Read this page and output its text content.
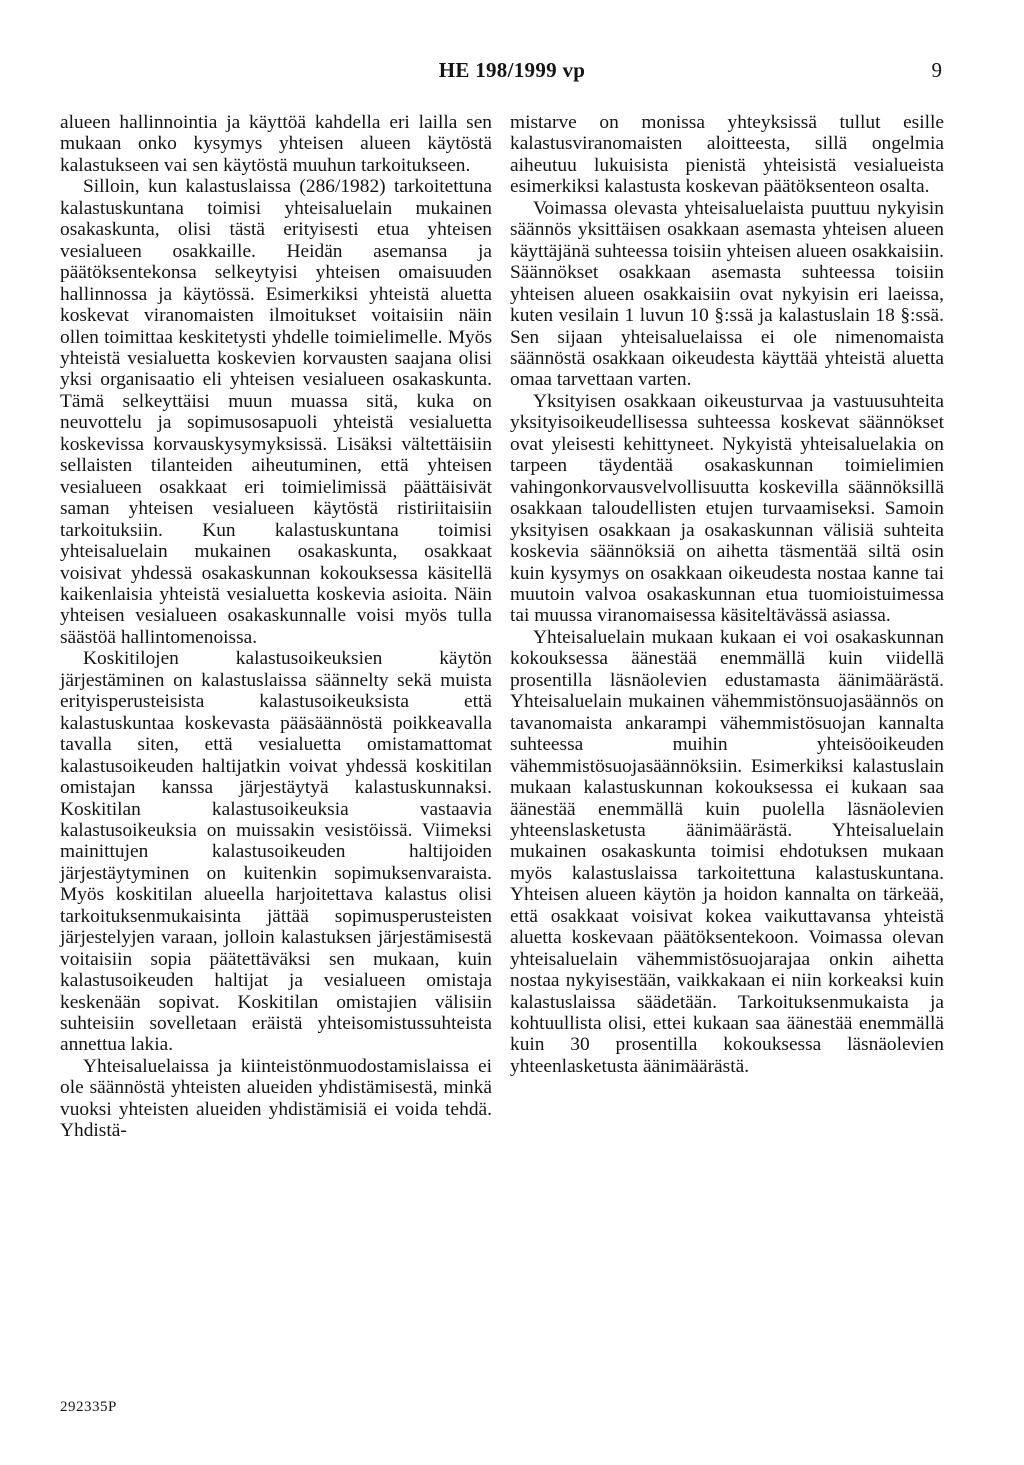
HE 198/1999 vp	9

alueen hallinnointia ja käyttöä kahdella eri lailla sen mukaan onko kysymys yhteisen alueen käytöstä kalastukseen vai sen käytöstä muuhun tarkoitukseen.

Silloin, kun kalastuslaissa (286/1982) tarkoitettuna kalastuskuntana toimisi yhteisaluelain mukainen osakaskunta, olisi tästä erityisesti etua yhteisen vesialueen osakkaille. Heidän asemansa ja päätöksentekonsa selkeytyisi yhteisen omaisuuden hallinnossa ja käytössä. Esimerkiksi yhteistä aluetta koskevat viranomaisten ilmoitukset voitaisiin näin ollen toimittaa keskitetysti yhdelle toimielimelle. Myös yhteistä vesialuetta koskevien korvausten saajana olisi yksi organisaatio eli yhteisen vesialueen osakaskunta. Tämä selkeyttäisi muun muassa sitä, kuka on neuvottelu ja sopimusosapuoli yhteistä vesialuetta koskevissa korvauskysymyksissä. Lisäksi vältettäisiin sellaisten tilanteiden aiheutuminen, että yhteisen vesialueen osakkaat eri toimielimissä päättäisivät saman yhteisen vesialueen käytöstä ristiriitaisiin tarkoituksiin. Kun kalastuskuntana toimisi yhteisaluelain mukainen osakaskunta, osakkaat voisivat yhdessä osakaskunnan kokouksessa käsitellä kaikenlaisia yhteistä vesialuetta koskevia asioita. Näin yhteisen vesialueen osakaskunnalle voisi myös tulla säästöä hallintomenoissa.

Koskitilojen kalastusoikeuksien käytön järjestäminen on kalastuslaissa säännelty sekä muista erityisperusteisista kalastusoikeuksista että kalastuskuntaa koskevasta pääsäännöstä poikkeavalla tavalla siten, että vesialuetta omistamattomat kalastusoikeuden haltijatkin voivat yhdessä koskitilan omistajan kanssa järjestäytyä kalastuskunnaksi. Koskitilan kalastusoikeuksia vastaavia kalastusoikeuksia on muissakin vesistöissä. Viimeksi mainittujen kalastusoikeuden haltijoiden järjestäytyminen on kuitenkin sopimuksenvaraista. Myös koskitilan alueella harjoitettava kalastus olisi tarkoituksenmukaisinta jättää sopimusperusteisten järjestelyjen varaan, jolloin kalastuksen järjestämisestä voitaisiin sopia päätettäväksi sen mukaan, kuin kalastusoikeuden haltijat ja vesialueen omistaja keskenään sopivat. Koskitilan omistajien välisiin suhteisiin sovelletaan eräistä yhteisomistussuhteista annettua lakia.

Yhteisaluelaissa ja kiinteistönmuodostamislaissa ei ole säännöstä yhteisten alueiden yhdistämisestä, minkä vuoksi yhteisten alueiden yhdistämisiä ei voida tehdä. Yhdistä-

mistarve on monissa yhteyksissä tullut esille kalastusviranomaisten aloitteesta, sillä ongelmia aiheutuu lukuisista pienistä yhteisistä vesialueista esimerkiksi kalastusta koskevan päätöksenteon osalta.

Voimassa olevasta yhteisaluelaista puuttuu nykyisin säännös yksittäisen osakkaan asemasta yhteisen alueen käyttäjänä suhteessa toisiin yhteisen alueen osakkaisiin. Säännökset osakkaan asemasta suhteessa toisiin yhteisen alueen osakkaisiin ovat nykyisin eri laeissa, kuten vesilain 1 luvun 10 §:ssä ja kalastuslain 18 §:ssä. Sen sijaan yhteisaluelaissa ei ole nimenomaista säännöstä osakkaan oikeudesta käyttää yhteistä aluetta omaa tarvettaan varten.

Yksityisen osakkaan oikeusturvaa ja vastuusuhteita yksityisoikeudellisessa suhteessa koskevat säännökset ovat yleisesti kehittyneet. Nykyistä yhteisaluelakia on tarpeen täydentää osakaskunnan toimielimien vahingonkorvausvelvollisuutta koskevilla säännöksillä osakkaan taloudellisten etujen turvaamiseksi. Samoin yksityisen osakkaan ja osakaskunnan välisiä suhteita koskevia säännöksiä on aihetta täsmentää siltä osin kuin kysymys on osakkaan oikeudesta nostaa kanne tai muutoin valvoa osakaskunnan etua tuomioistuimessa tai muussa viranomaisessa käsiteltävässä asiassa.

Yhteisaluelain mukaan kukaan ei voi osakaskunnan kokouksessa äänestää enemmällä kuin viidellä prosentilla läsnäolevien edustamasta äänimäärästä. Yhteisaluelain mukainen vähemmistönsuojasäännös on tavanomaista ankarampi vähemmistösuojan kannalta suhteessa muihin yhteisöoikeuden vähemmistösuojasäännöksiin. Esimerkiksi kalastuslain mukaan kalastuskunnan kokouksessa ei kukaan saa äänestää enemmällä kuin puolella läsnäolevien yhteenslasketusta äänimäärästä. Yhteisaluelain mukainen osakaskunta toimisi ehdotuksen mukaan myös kalastuslaissa tarkoitettuna kalastuskuntana. Yhteisen alueen käytön ja hoidon kannalta on tärkeää, että osakkaat voisivat kokea vaikuttavansa yhteistä aluetta koskevaan päätöksentekoon. Voimassa olevan yhteisaluelain vähemmistösuojarajaa onkin aihetta nostaa nykyisestään, vaikkakaan ei niin korkeaksi kuin kalastuslaissa säädetään. Tarkoituksenmukaista ja kohtuullista olisi, ettei kukaan saa äänestää enemmällä kuin 30 prosentilla kokouksessa läsnäolevien yhteenlasketusta äänimäärästä.

292335P
